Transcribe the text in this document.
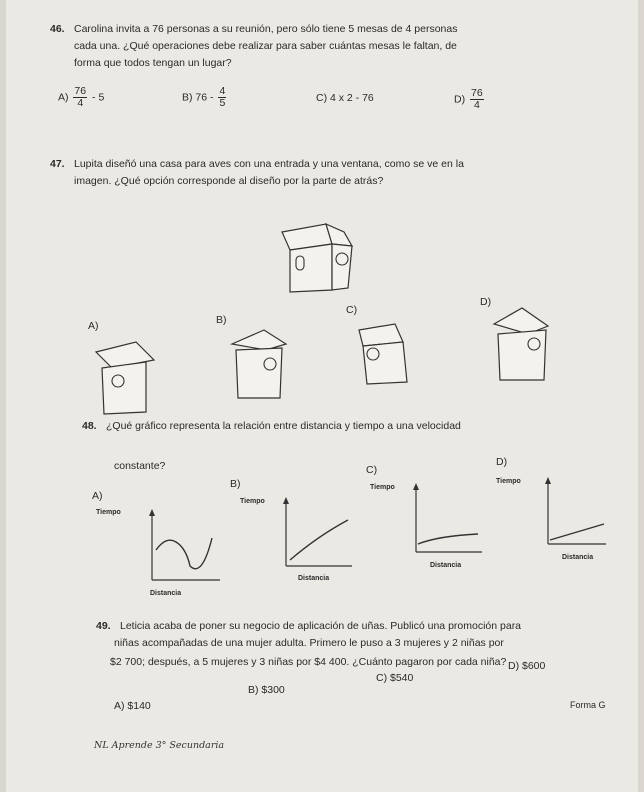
46. Carolina invita a 76 personas a su reunión, pero sólo tiene 5 mesas de 4 personas
cada una. ¿Qué operaciones debe realizar para saber cuántas mesas le faltan, de
forma que todos tengan un lugar?
$A) \frac{76}{4} - 5$	B) $76 - \frac{4}{5}$	C) 4 x 2 - 76	$D) \frac{76}{4}$
47. Lupita diseñó una casa para aves con una entrada y una ventana, como se ve en la
imagen. ¿Qué opción corresponde al diseño por la parte de atrás?
A)	B)
C)
D)
48. ¿Qué gráfico representa la relación entre distancia y tiempo a una velocidad
constante?
A)
B)
C)
D)
Tiempo
Distancia
Tiempo
Distancia
Tiempo
Distancia
Tiempo
Distancia
49. Leticia acaba de poner su negocio de aplicación de uñas. Publicó una promoción para
niñas acompañadas de una mujer adulta. Primero le puso a 3 mujeres y 2 niñas por
$2 700; después, a 5 mujeres y 3 niñas por $4 400. ¿Cuánto pagaron por cada niña?
A) $140
B) $300
C) $540
D) $600
Forma G
NL Aprende 3° Secundaria
